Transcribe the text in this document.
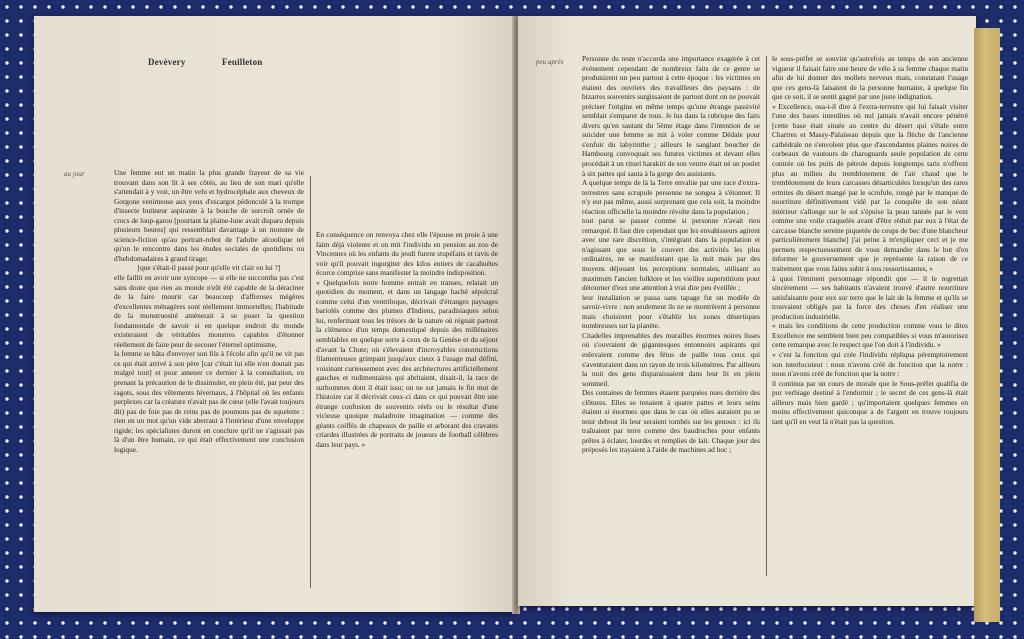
Devèvery	Feuilleton
au jour	Une femme eut un matin la plus grande frayeur de sa vie trouvant dans son lit à ses côtés, au lieu de son mari qu'elle s'attendait à y voir, un être velu et hydrocéphale aux cheveux de Gorgone venimeuse aux yeux d'escargot pédonculé à la trompe d'insecte butineur aspirante à la bouche de surcroît ornée de crocs de loup-garou [pourtant la plaine-lune avait disparu depuis plusieurs heures] qui ressemblait davantage à un monstre de science-fiction qu'au portrait-robot de l'adulte alcoolique tel qu'on le rencontre dans les études sociales de quotidiens ou d'hebdomadaires à grand tirage;

[que s'était-il passé pour qu'elle vit clair en lui ?]

elle faillit en avoir une syncope — si elle ne succomba pas c'est sans doute que rien au monde n'eût été capable de la déraciner de la faire mourir car beaucoup d'affreuses mégères d'excellentes ménagères sont réellement immortelles; l'habitude de la monstruosité amènerait à se poser la question fondamentale de savoir si en quelque endroit du monde existeraient de véritables monstres capables d'étonner réellement de faire peur de secouer l'éternel optimisme,

la femme se hâta d'envoyer son fils à l'école afin qu'il ne vit pas ce qui était arrivé à son père [car c'était lui elle n'en doutait pas malgré tout] et pour amener ce dernier à la consultation, en prenant la précaution de le dissimuler, en plein été, par peur des ragots, sous des vêtements hivernaux, à l'hôpital où les enfants perplexes car la créature n'avait pas de cœur (elle l'avait toujours dit) pas de foie pas de reins pas de poumons pas de squelette : rien en un mot qu'un vide aberrant à l'intérieur d'une enveloppe rigide; les spécialistes durent en conclure qu'il ne s'agissait pas là d'un être humain, ce qui était effectivement une conclusion logique.

En conséquence on renvoya chez elle l'épouse en proie à une faim déjà violente et on mit l'individu en pension au zoo de Vincennes où les enfants du jeudi furent stupéfaits et ravis de voir qu'il pouvait ingurgiter des kilos entiers de cacahuètes écorce comprise sans manifester la moindre indisposition.

« Quelquefois notre homme entrait en transes, relatait un quotidien du moment, et dans un langage haché sépulcral comme celui d'un ventriloque, décrivait d'étranges paysages bariolés comme des plumes d'Indiens, paradisiaques selon lui, renfermant tous les trésors de la nature où régnait partout la clémence d'un temps domestiqué depuis des millénaires semblables en quelque sorte à ceux de la Genèse et du séjour d'avant la Chute; où s'élevaient d'incroyables constructions filamenteuses grimpant jusqu'aux cieux à l'usage mal défini, voisinant curieusement avec des architectures artificiellement gauches et rudimentaires qui abritaient, disait-il, la race de surhommes dont il était issu; on ne sut jamais le fin mot de l'histoire car il décrivait ceux-ci dans ce qui pouvait être une étrange confusion de souvenirs réels ou le résultat d'une vicieuse quoique maladroite imagination — comme des géants coiffés de chapeaux de paille et arborant des cravates criardes illustrées de portraits de joueurs de football célèbres dans leur pays. »

peu après	Personne du reste n'accorda une importance exagérée à cet événement cependant de nombreux faits de ce genre se produisirent un peu partout à cette époque : les victimes en étaient des ouvriers des travailleurs des paysans : de bizarres souvenirs surgissaient de partout dont on ne pouvait préciser l'origine en même temps qu'une étrange passivité semblait s'emparer de tous. Je lus dans la rubrique des faits divers qu'en sautant du 5ème étage dans l'intention de se suicider une femme se mit à voler comme Dédale pour s'enfuir du labyrinthe ; ailleurs le sanglant boucher de Hambourg convoquait ses futures victimes et devant elles procédait à un rituel harakiri de son ventre était né un poulet à six pattes qui sauta à la gorge des assistants.

A quelque temps de là la Terre envahie par une race d'extra-terrestres sans scrupule personne ne songea à s'étonner. Il n'y eut pas même, aussi surprenant que cela soit, la moindre réaction officielle la moindre révolte dans la population ;

tout parut se passer comme si personne n'avait rien remarqué. Il faut dire cependant que les envahisseurs agirent avec une rare discrétion, s'intégrant dans la population et n'agissant que sous le couvert des activités les plus ordinaires, ne se manifestant que la nuit mais par des moyens déjouant les perceptions normales, utilisant au maximum l'ancien folklore et les vieilles superstitions pour détourner d'eux une attention à vrai dire peu éveillée ;

leur installation se passa sans tapage fut un modèle de savoir-vivre : non seulement ils ne se montrèrent à personne mais choisirent pour s'établir les zones désertiques nombreuses sur la planète.

Citadelles imprenables des murailles énormes noires lisses où s'ouvraient de gigantesques entonnoirs aspirants qui enlevaient comme des fétus de paille tous ceux qui s'aventuraient dans un rayon de trois kilomètres. Par ailleurs la nuit des gens disparaissaient dans leur lit en plein sommeil.

Des centaines de femmes étaient parquées nues derrière des clôtures. Elles se tenaient à quatre pattes et leurs seins étaient si énormes que dans le cas où elles auraient pu se tenir debout ils leur seraient tombés sur les genoux : ici ils traînaient par terre comme des baudruches pour enfants prêtes à éclater, lourdes et remplies de lait. Chaque jour des préposés les trayaient à l'aide de machines ad hoc ;

le sous-préfet se souvint qu'autrefois au temps de son ancienne vigueur il faisait faire une heure de vélo à sa femme chaque matin afin de lui donner des mollets nerveux mais, constatant l'usage que ces gens-là faisaient de la personne humaine, à quelque fin que ce soit, il se sentit gagné par une juste indignation.

« Excellence, osa-t-il dire à l'extra-terrestre qui lui faisait visiter l'une des bases interdites où nul jamais n'avait encore pénétré [cette base était située au centre du désert qui s'étale entre Chartres et Massy-Palaiseau depuis que la flèche de l'ancienne cathédrale ne s'envolent plus que d'ascendantes plaines noires de corbeaux de vautours de charognards seule population de cette contrée où les puits de pétrole depuis longtemps taris n'offrent plus au milieu du tremblotement de l'air chaud que le tremblotement de leurs carcasses désarticulées lorsqu'un des rares ermites du désert mangé par le scrofule, rongé par le manque de nourriture définitivement vidé par la conquête de son néant intérieur s'allonge sur le sol s'épuise la peau tannée par le vent comme une voile craquelée avant d'être réduit par eux à l'état de carcasse blanche sereine piquetée de coups de bec d'une blancheur particulièrement blanche] j'ai peine à m'expliquer ceci et je me permets respectueusement de vous demander dans le but d'en informer le gouvernement que je représente la raison de ce traitement que vous faites subir à nos ressortissantes, »

à quoi l'éminent personnage répondit que — il le regrettait sincèrement — ses habitants n'avaient trouvé d'autre nourriture satisfaisante pour eux sur terre que le lait de la femme et qu'ils se trouvaient obligés par la force des choses d'en réaliser une production industrielle.

« mais les conditions de cette production comme vous le dites Excellence me semblent bien peu compatibles si vous m'autorisez cette remarque avec le respect que l'on doit à l'individu. »

« c'est la fonction qui crée l'individu répliqua péremptoirement son interlocuteur : nous n'avons créé de fonction que la notre : nous n'avons créé de fonction que la notre :

il continua par un cours de morale que le Sous-préfet qualifia de pur verbiage destiné à l'endormir ; le secret de ces gens-là était ailleurs mais bien gardé ; qu'importaient quelques femmes en moins effectivement quiconque a de l'argent en trouve toujours tant qu'il en veut là n'était pas la question.
